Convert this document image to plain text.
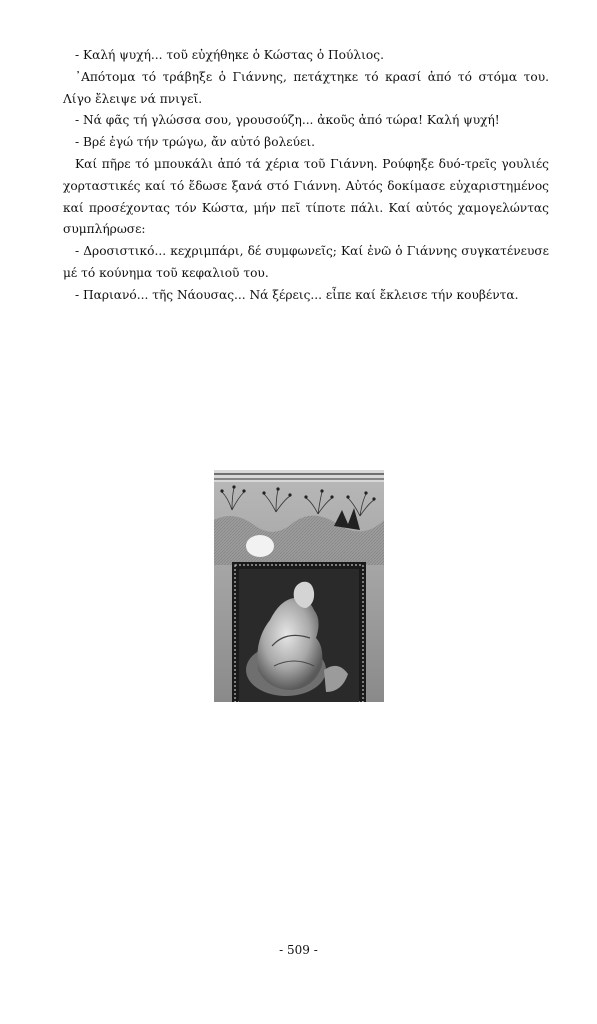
- Καλή ψυχή... τοῦ εὐχήθηκε ὁ Κώστας ὁ Πούλιος.

᾿Απότομα τό τράβηξε ὁ Γιάννης, πετάχτηκε τό κρασί ἀπό τό στόμα του. Λίγο ἔλειψε νά πνιγεῖ.

- Νά φᾶς τή γλώσσα σου, γρουσούζη... ἀκοῦς ἀπό τώρα! Καλή ψυχή!

- Βρέ ἐγώ τήν τρώγω, ἄν αὐτό βολεύει.

Καί πῆρε τό μπουκάλι ἀπό τά χέρια τοῦ Γιάννη. Ρούφηξε δυό-τρεῖς γουλιές χορταστικές καί τό ἔδωσε ξανά στό Γιάννη. Αὐτός δοκίμασε εὐχαριστημένος καί προσέχοντας τόν Κώστα, μήν πεῖ τίποτε πάλι. Καί αὐτός χαμογελώντας συμπλήρωσε:

- Δροσιστικό... κεχριμπάρι, δέ συμφωνεῖς; Καί ἐνῶ ὁ Γιάννης συγκατένευσε μέ τό κούνημα τοῦ κεφαλιοῦ του.

- Παριανό... τῆς Νάουσας... Νά ξέρεις... εἶπε καί ἔκλεισε τήν κουβέντα.

- 509 -
